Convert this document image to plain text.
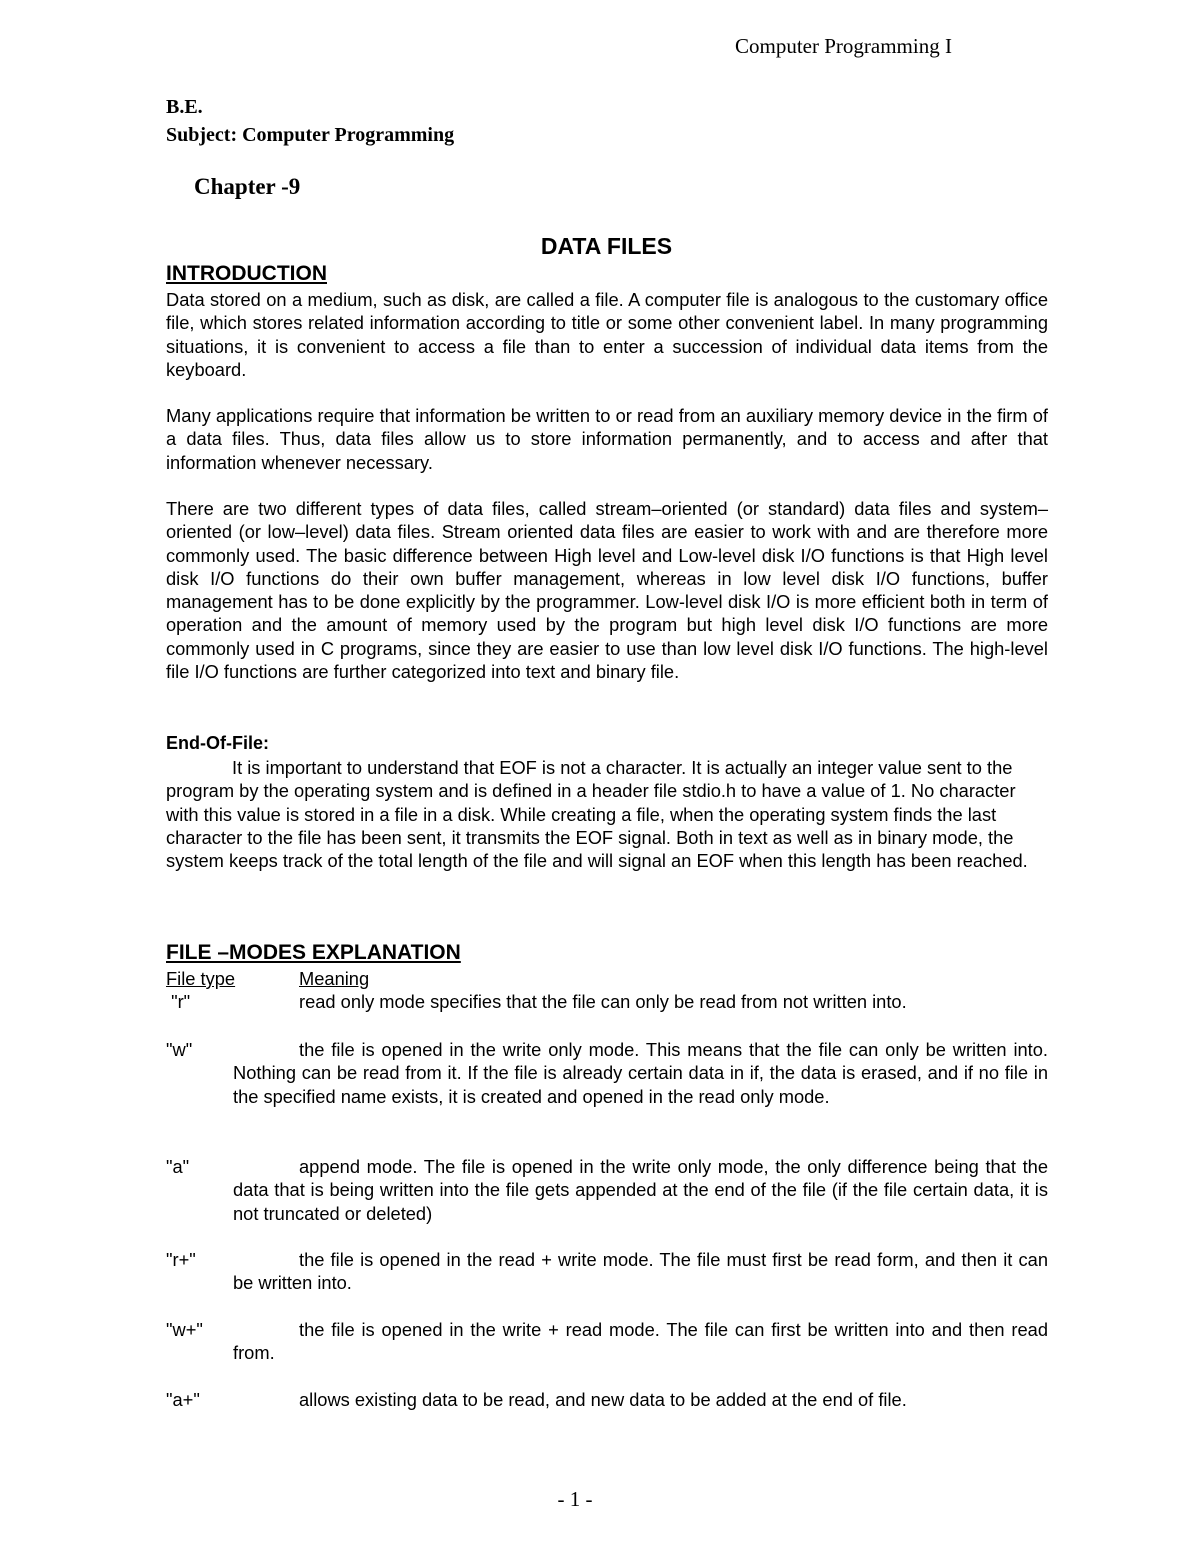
Computer Programming I
B.E.
Subject: Computer Programming
Chapter -9
DATA FILES
INTRODUCTION
Data stored on a medium, such as disk, are called a file. A computer file is analogous to the customary office file, which stores related information according to title or some other convenient label. In many programming situations, it is convenient to access a file than to enter a succession of individual data items from the keyboard.
Many applications require that information be written to or read from an auxiliary memory device in the firm of a data files. Thus, data files allow us to store information permanently, and to access and after that information whenever necessary.
There are two different types of data files, called stream–oriented (or standard) data files and system–oriented (or low–level) data files. Stream oriented data files are easier to work with and are therefore more commonly used. The basic difference between High level and Low-level disk I/O functions is that High level disk I/O functions do their own buffer management, whereas in low level disk I/O functions, buffer management has to be done explicitly by the programmer. Low-level disk I/O is more efficient both in term of operation and the amount of memory used by the program but high level disk I/O functions are more commonly used in C programs, since they are easier to use than low level disk I/O functions. The high-level file I/O functions are further categorized into text and binary file.
End-Of-File:
It is important to understand that EOF is not a character. It is actually an integer value sent to the program by the operating system and is defined in a header file stdio.h to have a value of 1. No character with this value is stored in a file in a disk. While creating a file, when the operating system finds the last character to the file has been sent, it transmits the EOF signal. Both in text as well as in binary mode, the system keeps track of the total length of the file and will signal an EOF when this length has been reached.
FILE –MODES EXPLANATION
File type	Meaning
"r"	read only mode specifies that the file can only be read from not written into.
"w"	the file is opened in the write only mode. This means that the file can only be written into. Nothing can be read from it. If the file is already certain data in if, the data is erased, and if no file in the specified name exists, it is created and opened in the read only mode.
"a"	append mode. The file is opened in the write only mode, the only difference being that the data that is being written into the file gets appended at the end of the file (if the file certain data, it is not truncated or deleted)
"r+"	the file is opened in the read + write mode. The file must first be read form, and then it can be written into.
"w+"	the file is opened in the write + read mode. The file can first be written into and then read from.
"a+"	allows existing data to be read, and new data to be added at the end of file.
- 1 -
